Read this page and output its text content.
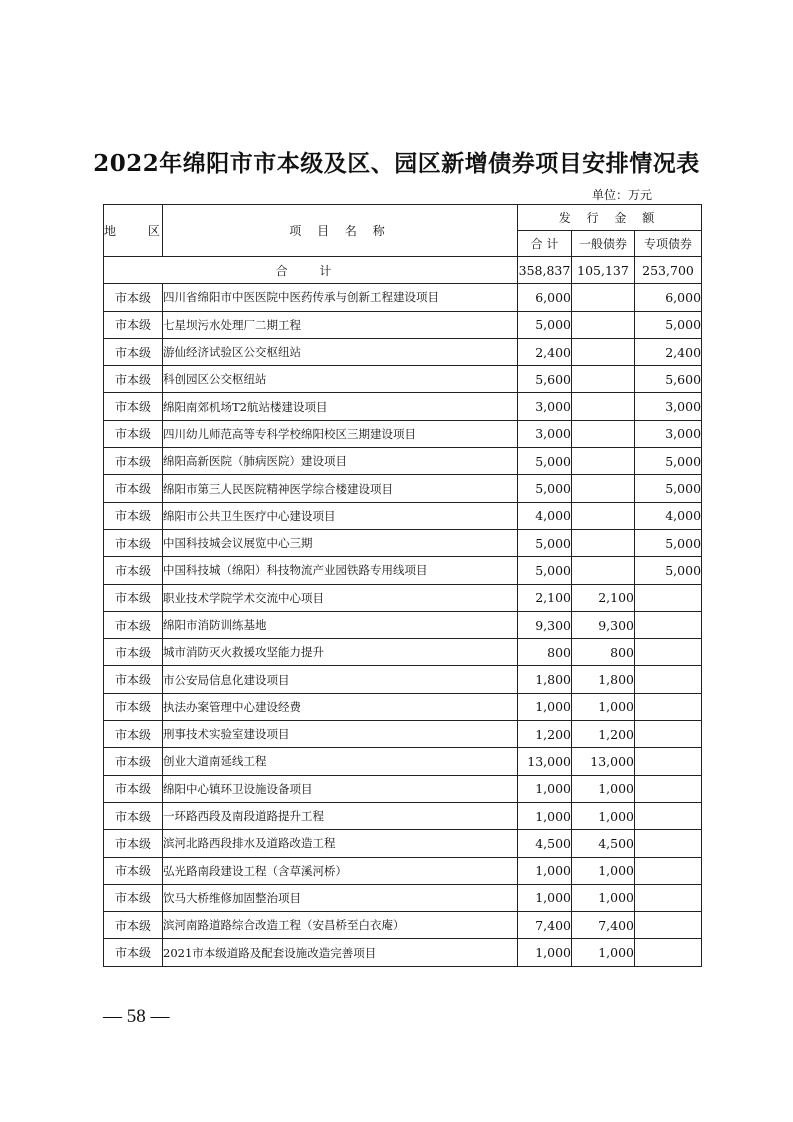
2022年绵阳市市本级及区、园区新增债券项目安排情况表
单位：万元
地 区	项 目 名 称	发 行 金 额		
		合 计	一般债券	专项债券
合 计		358,837	105,137	253,700
市本级	四川省绵阳市中医医院中医药传承与创新工程建设项目	6,000		6,000
市本级	七星坝污水处理厂二期工程	5,000		5,000
市本级	游仙经济试验区公交枢纽站	2,400		2,400
市本级	科创园区公交枢纽站	5,600		5,600
市本级	绵阳南郊机场T2航站楼建设项目	3,000		3,000
市本级	四川幼儿师范高等专科学校绵阳校区三期建设项目	3,000		3,000
市本级	绵阳高新医院（肺病医院）建设项目	5,000		5,000
市本级	绵阳市第三人民医院精神医学综合楼建设项目	5,000		5,000
市本级	绵阳市公共卫生医疗中心建设项目	4,000		4,000
市本级	中国科技城会议展览中心三期	5,000		5,000
市本级	中国科技城（绵阳）科技物流产业园铁路专用线项目	5,000		5,000
市本级	职业技术学院学术交流中心项目	2,100	2,100	
市本级	绵阳市消防训练基地	9,300	9,300	
市本级	城市消防灭火救援攻坚能力提升	800	800	
市本级	市公安局信息化建设项目	1,800	1,800	
市本级	执法办案管理中心建设经费	1,000	1,000	
市本级	刑事技术实验室建设项目	1,200	1,200	
市本级	创业大道南延线工程	13,000	13,000	
市本级	绵阳中心镇环卫设施设备项目	1,000	1,000	
市本级	一环路西段及南段道路提升工程	1,000	1,000	
市本级	滨河北路西段排水及道路改造工程	4,500	4,500	
市本级	弘光路南段建设工程（含草溪河桥）	1,000	1,000	
市本级	饮马大桥维修加固整治项目	1,000	1,000	
市本级	滨河南路道路综合改造工程（安昌桥至白衣庵）	7,400	7,400	
市本级	2021市本级道路及配套设施改造完善项目	1,000	1,000	
— 58 —
